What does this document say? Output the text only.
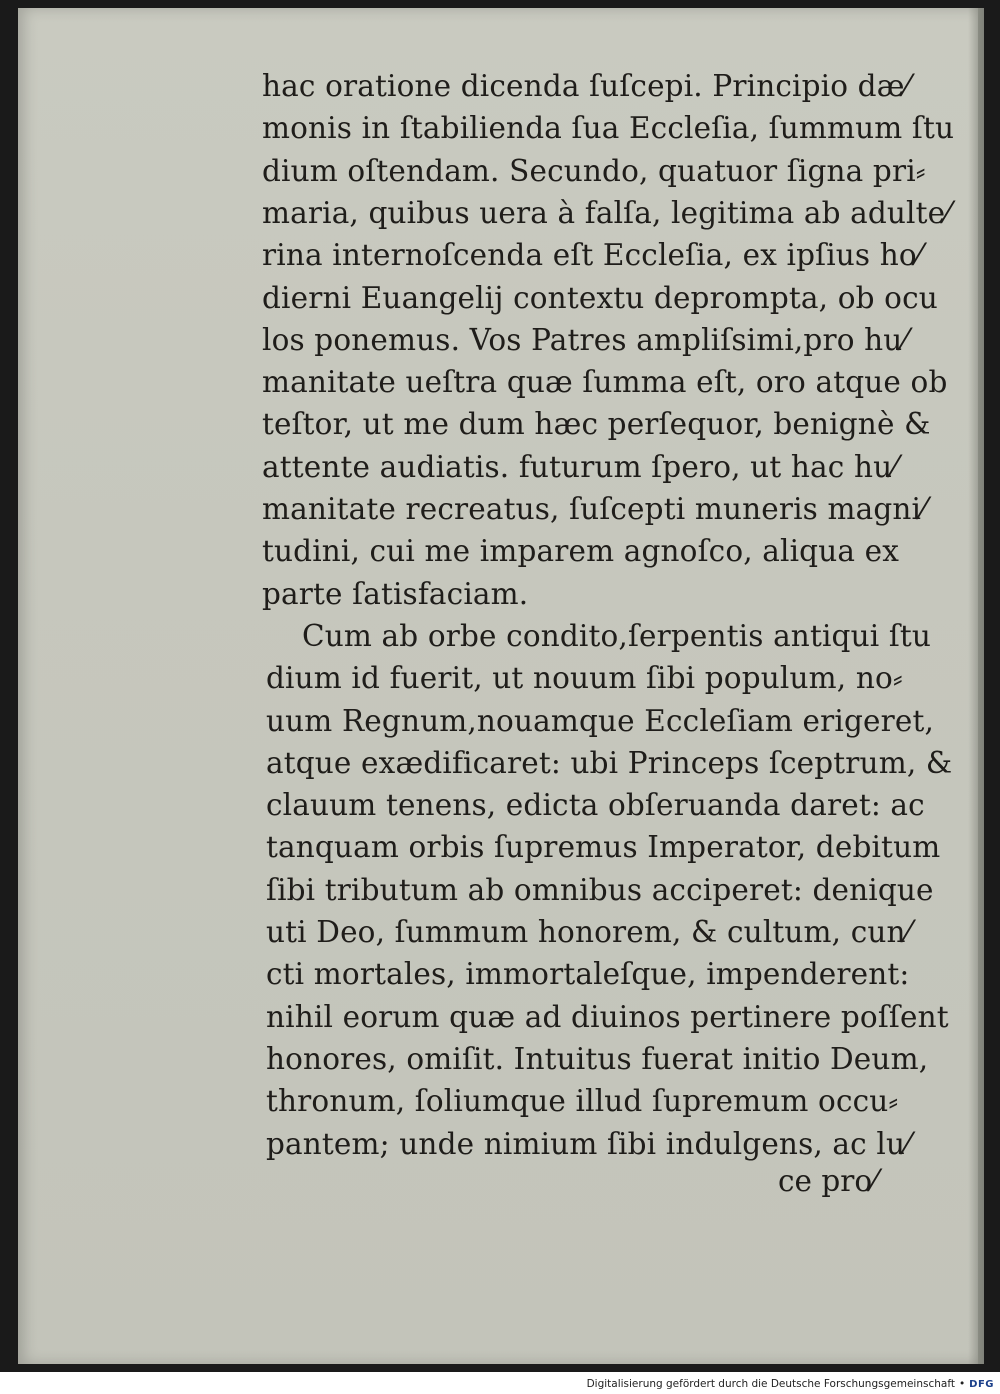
hac oratione dicenda ſuſcepi. Principio dæ⁄
monis in ſtabilienda ſua Eccleſia, ſummum ſtu
dium oſtendam. Secundo, quatuor ſigna pri⸗
maria, quibus uera à falſa, legitima ab adulte⁄
rina internoſcenda eſt Eccleſia, ex ipſius ho⁄
dierni Euangelij contextu deprompta, ob ocu
los ponemus. Vos Patres ampliſsimi,pro hu⁄
manitate ueſtra quæ ſumma eſt, oro atque ob
teſtor, ut me dum hæc perſequor, benignè &
attente audiatis. futurum ſpero, ut hac hu⁄
manitate recreatus, ſuſcepti muneris magni⁄
tudini, cui me imparem agnoſco, aliqua ex
parte ſatisfaciam.
Cum ab orbe condito,ſerpentis antiqui ſtu
dium id fuerit, ut nouum ſibi populum, no⸗
uum Regnum,nouamque Eccleſiam erigeret,
atque exædificaret: ubi Princeps ſceptrum, &
clauum tenens, edicta obſeruanda daret: ac
tanquam orbis ſupremus Imperator, debitum
ſibi tributum ab omnibus acciperet: denique
uti Deo, ſummum honorem, & cultum, cun⁄
cti mortales, immortaleſque, impenderent:
nihil eorum quæ ad diuinos pertinere poſſent
honores, omiſit. Intuitus fuerat initio Deum,
thronum, ſoliumque illud ſupremum occu⸗
pantem; unde nimium ſibi indulgens, ac lu⁄
ce pro⁄
Digitalisierung gefördert durch die Deutsche Forschungsgemeinschaft • DFG
